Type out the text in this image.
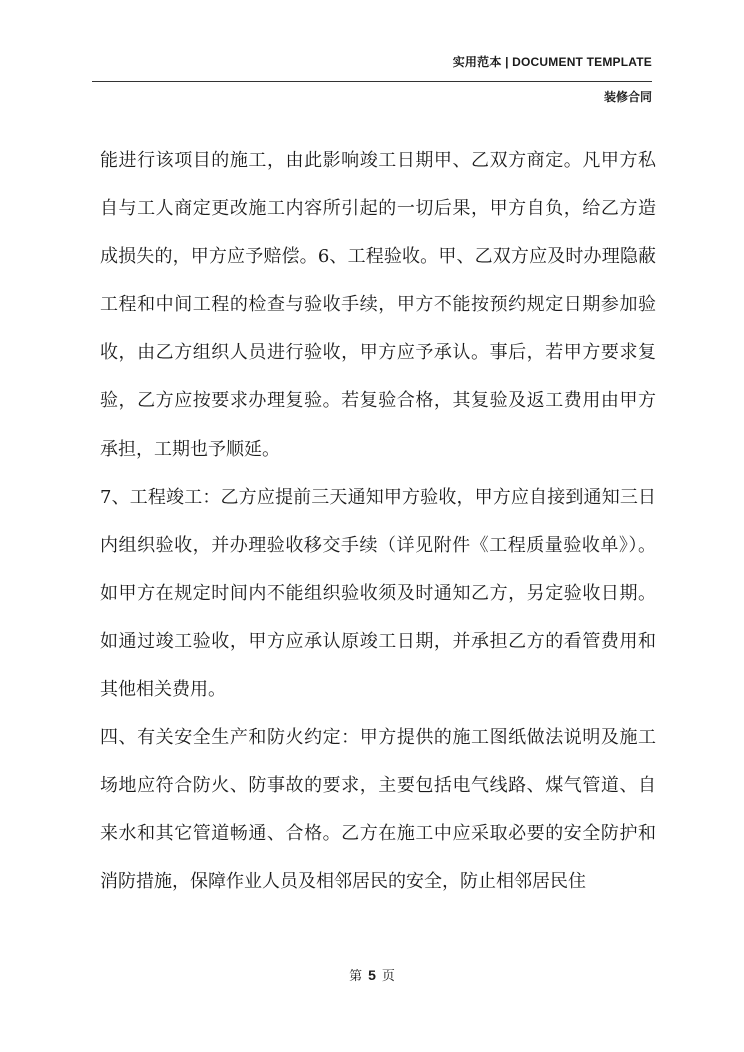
实用范本 | DOCUMENT TEMPLATE
装修合同

能进行该项目的施工，由此影响竣工日期甲、乙双方商定。凡甲方私自与工人商定更改施工内容所引起的一切后果，甲方自负，给乙方造成损失的，甲方应予赔偿。6、工程验收。甲、乙双方应及时办理隐蔽工程和中间工程的检查与验收手续，甲方不能按预约规定日期参加验收，由乙方组织人员进行验收，甲方应予承认。事后，若甲方要求复验，乙方应按要求办理复验。若复验合格，其复验及返工费用由甲方承担，工期也予顺延。

7、工程竣工：乙方应提前三天通知甲方验收，甲方应自接到通知三日内组织验收，并办理验收移交手续（详见附件《工程质量验收单》）。如甲方在规定时间内不能组织验收须及时通知乙方，另定验收日期。如通过竣工验收，甲方应承认原竣工日期，并承担乙方的看管费用和其他相关费用。

四、有关安全生产和防火约定：甲方提供的施工图纸做法说明及施工场地应符合防火、防事故的要求，主要包括电气线路、煤气管道、自来水和其它管道畅通、合格。乙方在施工中应采取必要的安全防护和消防措施，保障作业人员及相邻居民的安全，防止相邻居民住

第 5 页
